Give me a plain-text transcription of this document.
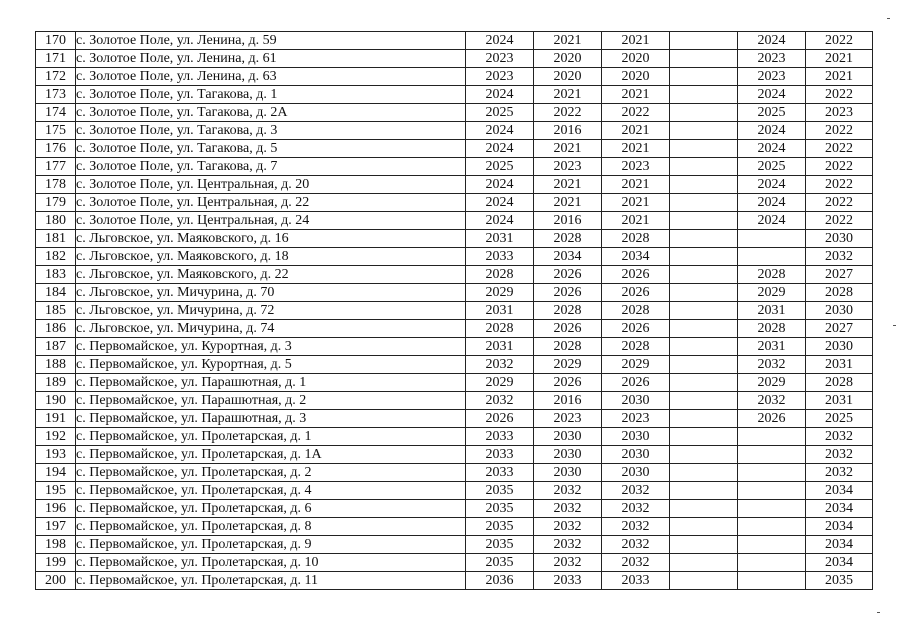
170	с. Золотое Поле, ул. Ленина, д. 59	2024	2021	2021		2024	2022
171	с. Золотое Поле, ул. Ленина, д. 61	2023	2020	2020		2023	2021
172	с. Золотое Поле, ул. Ленина, д. 63	2023	2020	2020		2023	2021
173	с. Золотое Поле, ул. Тагакова, д. 1	2024	2021	2021		2024	2022
174	с. Золотое Поле, ул. Тагакова, д. 2А	2025	2022	2022		2025	2023
175	с. Золотое Поле, ул. Тагакова, д. 3	2024	2016	2021		2024	2022
176	с. Золотое Поле, ул. Тагакова, д. 5	2024	2021	2021		2024	2022
177	с. Золотое Поле, ул. Тагакова, д. 7	2025	2023	2023		2025	2022
178	с. Золотое Поле, ул. Центральная, д. 20	2024	2021	2021		2024	2022
179	с. Золотое Поле, ул. Центральная, д. 22	2024	2021	2021		2024	2022
180	с. Золотое Поле, ул. Центральная, д. 24	2024	2016	2021		2024	2022
181	с. Льговское, ул. Маяковского, д. 16	2031	2028	2028			2030
182	с. Льговское, ул. Маяковского, д. 18	2033	2034	2034			2032
183	с. Льговское, ул. Маяковского, д. 22	2028	2026	2026		2028	2027
184	с. Льговское, ул. Мичурина, д. 70	2029	2026	2026		2029	2028
185	с. Льговское, ул. Мичурина, д. 72	2031	2028	2028		2031	2030
186	с. Льговское, ул. Мичурина, д. 74	2028	2026	2026		2028	2027
187	с. Первомайское, ул. Курортная, д. 3	2031	2028	2028		2031	2030
188	с. Первомайское, ул. Курортная, д. 5	2032	2029	2029		2032	2031
189	с. Первомайское, ул. Парашютная, д. 1	2029	2026	2026		2029	2028
190	с. Первомайское, ул. Парашютная, д. 2	2032	2016	2030		2032	2031
191	с. Первомайское, ул. Парашютная, д. 3	2026	2023	2023		2026	2025
192	с. Первомайское, ул. Пролетарская, д. 1	2033	2030	2030			2032
193	с. Первомайское, ул. Пролетарская, д. 1А	2033	2030	2030			2032
194	с. Первомайское, ул. Пролетарская, д. 2	2033	2030	2030			2032
195	с. Первомайское, ул. Пролетарская, д. 4	2035	2032	2032			2034
196	с. Первомайское, ул. Пролетарская, д. 6	2035	2032	2032			2034
197	с. Первомайское, ул. Пролетарская, д. 8	2035	2032	2032			2034
198	с. Первомайское, ул. Пролетарская, д. 9	2035	2032	2032			2034
199	с. Первомайское, ул. Пролетарская, д. 10	2035	2032	2032			2034
200	с. Первомайское, ул. Пролетарская, д. 11	2036	2033	2033			2035
